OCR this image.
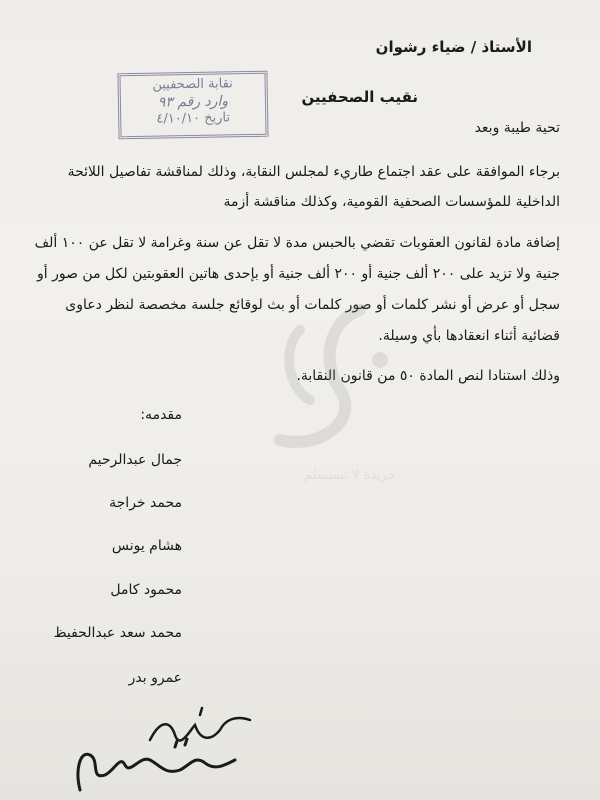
الأستاذ / ضياء رشوان
نقيب الصحفيين
نقابة الصحفيين
وارد رقم ٩٣
تاريخ ٤/١٠/١٠
تحية طيبة وبعد
برجاء الموافقة على عقد اجتماع طاريء لمجلس النقابة، وذلك لمناقشة تفاصيل اللائحة الداخلية للمؤسسات الصحفية القومية، وكذلك مناقشة أزمة
إضافة مادة لقانون العقوبات تقضي بالحبس مدة لا تقل عن سنة وغرامة لا تقل عن ١٠٠ ألف جنية ولا تزيد على ٢٠٠ ألف جنية أو ٢٠٠ ألف جنية أو بإحدى هاتين العقوبتين لكل من صور أو سجل أو عرض أو نشر كلمات أو صور كلمات أو بث لوقائع جلسة مخصصة لنظر دعاوى قضائية أثناء انعقادها بأي وسيلة.
وذلك استنادا لنص المادة ٥٠ من قانون النقابة.
جريدة لا تستسلم
مقدمه:
جمال عبدالرحيم
محمد خراجة
هشام يونس
محمود كامل
محمد سعد عبدالحفيظ
عمرو بدر
